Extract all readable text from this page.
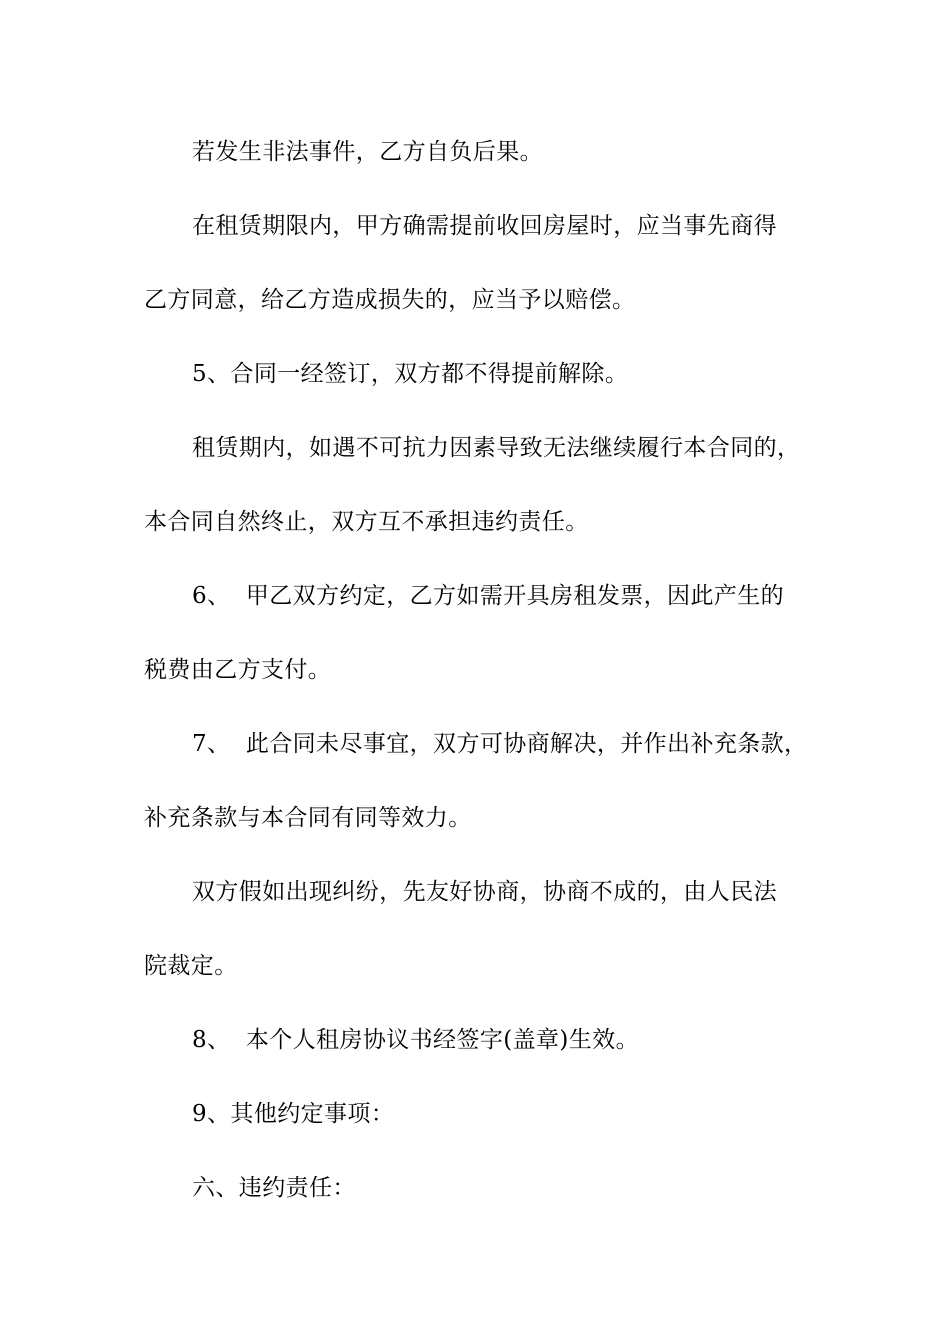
若发生非法事件，乙方自负后果。
在租赁期限内，甲方确需提前收回房屋时，应当事先商得
乙方同意，给乙方造成损失的，应当予以赔偿。
5、合同一经签订，双方都不得提前解除。
租赁期内，如遇不可抗力因素导致无法继续履行本合同的，
本合同自然终止，双方互不承担违约责任。
6、  甲乙双方约定，乙方如需开具房租发票，因此产生的
税费由乙方支付。
7、  此合同未尽事宜，双方可协商解决，并作出补充条款，
补充条款与本合同有同等效力。
双方假如出现纠纷，先友好协商，协商不成的，由人民法
院裁定。
8、  本个人租房协议书经签字(盖章)生效。
9、其他约定事项：
六、违约责任：
